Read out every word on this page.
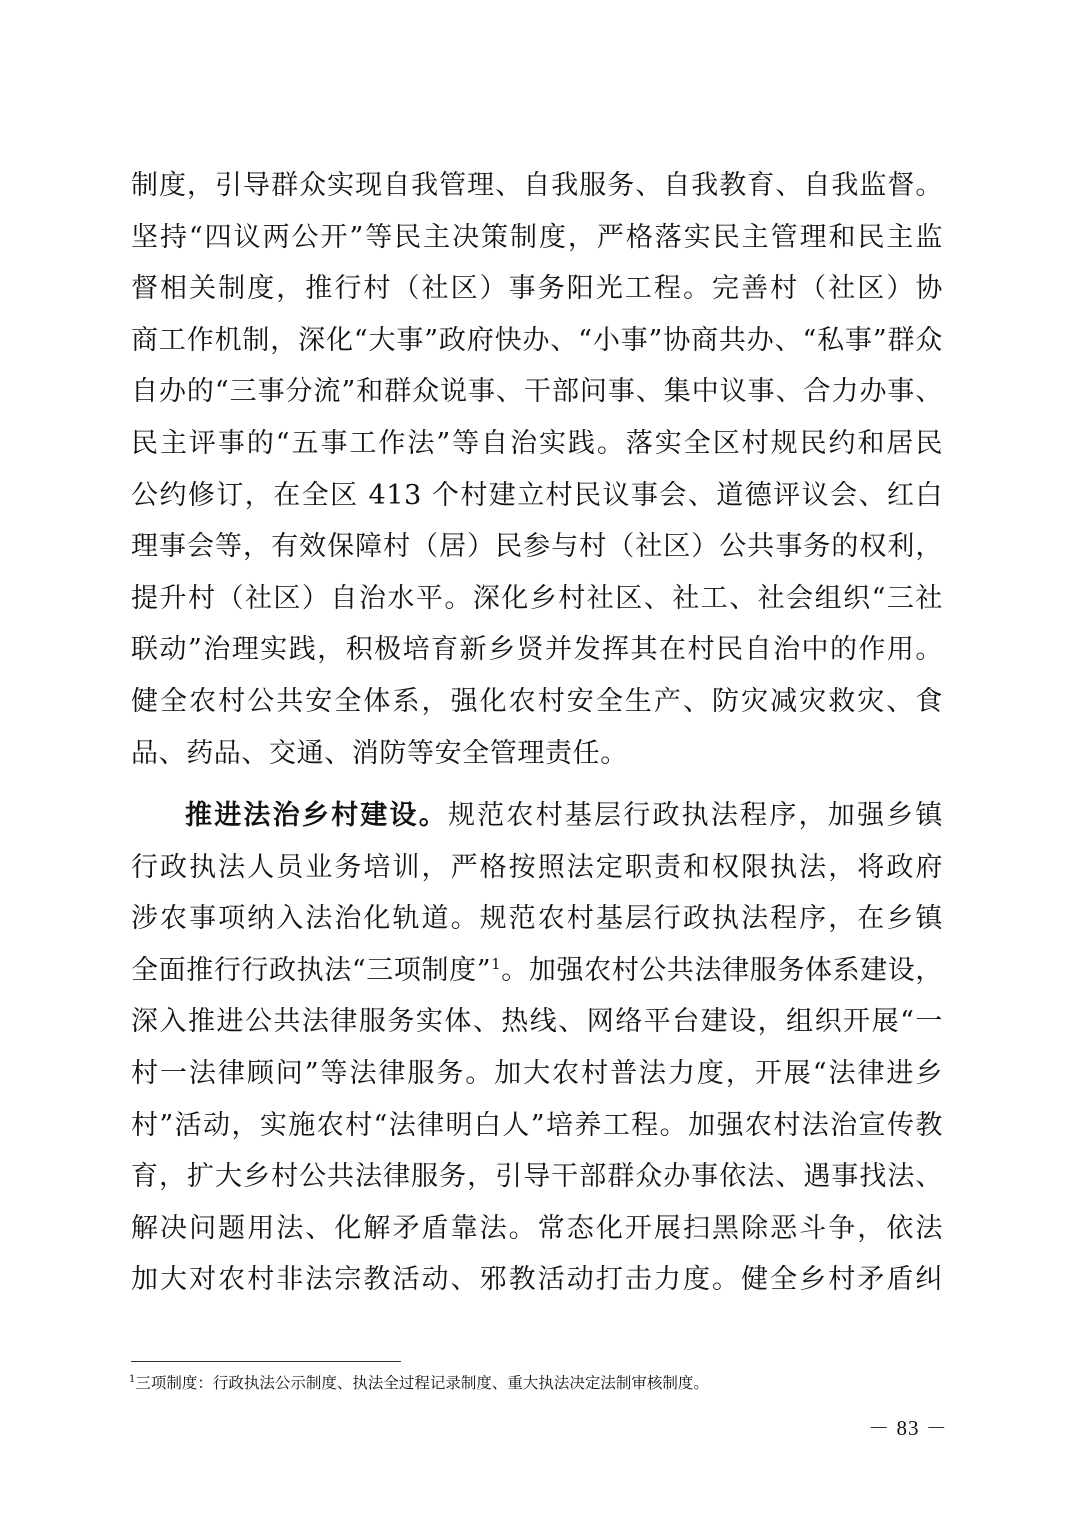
制度，引导群众实现自我管理、自我服务、自我教育、自我监督。
坚持“四议两公开”等民主决策制度，严格落实民主管理和民主监
督相关制度，推行村（社区）事务阳光工程。完善村（社区）协
商工作机制，深化“大事”政府快办、“小事”协商共办、“私事”群众
自办的“三事分流”和群众说事、干部问事、集中议事、合力办事、
民主评事的“五事工作法”等自治实践。落实全区村规民约和居民
公约修订，在全区 413 个村建立村民议事会、道德评议会、红白
理事会等，有效保障村（居）民参与村（社区）公共事务的权利，
提升村（社区）自治水平。深化乡村社区、社工、社会组织“三社
联动”治理实践，积极培育新乡贤并发挥其在村民自治中的作用。
健全农村公共安全体系，强化农村安全生产、防灾减灾救灾、食
品、药品、交通、消防等安全管理责任。
推进法治乡村建设。规范农村基层行政执法程序，加强乡镇
行政执法人员业务培训，严格按照法定职责和权限执法，将政府
涉农事项纳入法治化轨道。规范农村基层行政执法程序，在乡镇
全面推行行政执法“三项制度”$^1$。加强农村公共法律服务体系建设，
深入推进公共法律服务实体、热线、网络平台建设，组织开展“一
村一法律顾问”等法律服务。加大农村普法力度，开展“法律进乡
村”活动，实施农村“法律明白人”培养工程。加强农村法治宣传教
育，扩大乡村公共法律服务，引导干部群众办事依法、遇事找法、
解决问题用法、化解矛盾靠法。常态化开展扫黑除恶斗争，依法
加大对农村非法宗教活动、邪教活动打击力度。健全乡村矛盾纠
$^1$三项制度：行政执法公示制度、执法全过程记录制度、重大执法决定法制审核制度。
－ 83 －
